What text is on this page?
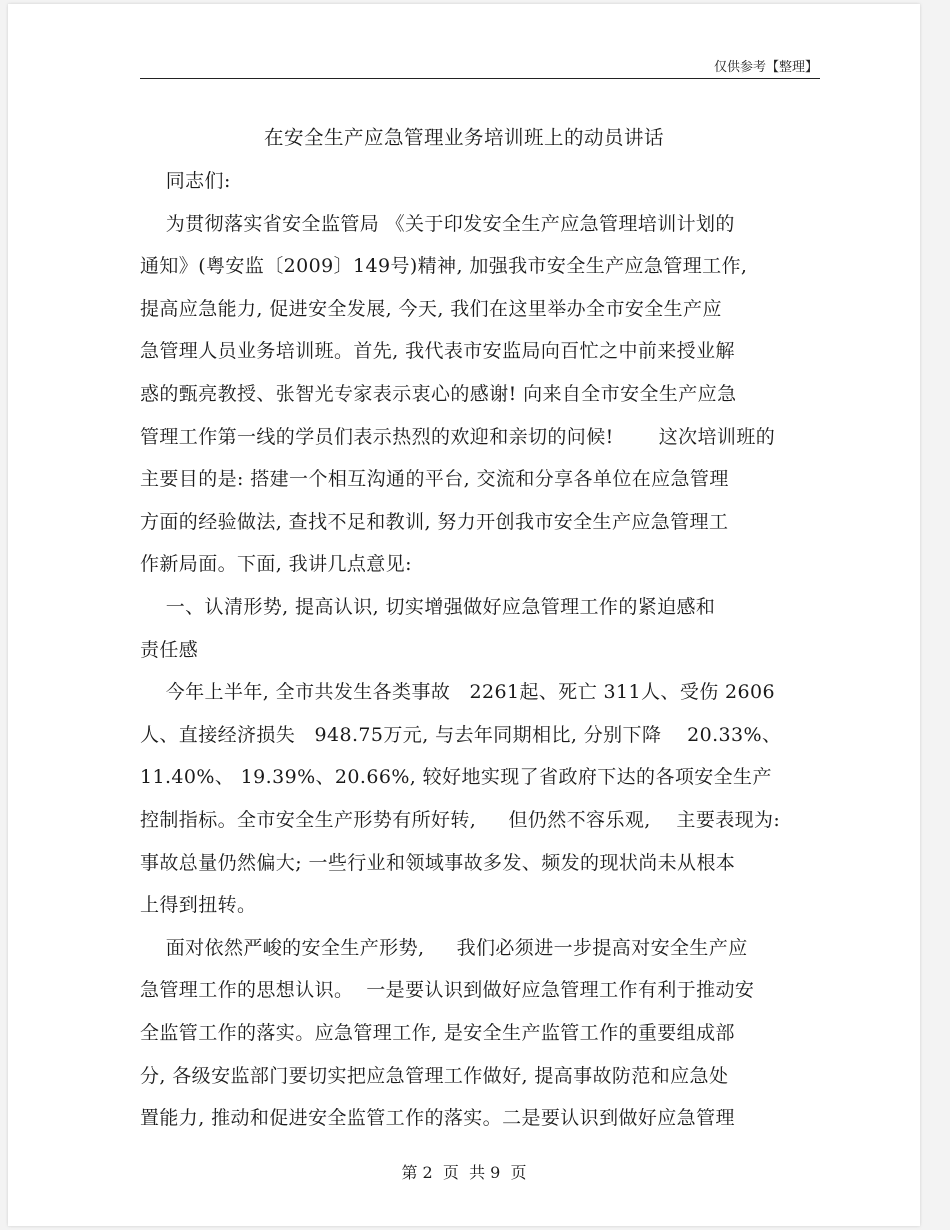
仅供参考【整理】
在安全生产应急管理业务培训班上的动员讲话
同志们:
为贯彻落实省安全监管局 《关于印发安全生产应急管理培训计划的
通知》(粤安监〔2009〕149号)精神, 加强我市安全生产应急管理工作,
提高应急能力, 促进安全发展, 今天, 我们在这里举办全市安全生产应
急管理人员业务培训班。首先, 我代表市安监局向百忙之中前来授业解
惑的甄亮教授、张智光专家表示衷心的感谢! 向来自全市安全生产应急
管理工作第一线的学员们表示热烈的欢迎和亲切的问候!       这次培训班的
主要目的是: 搭建一个相互沟通的平台, 交流和分享各单位在应急管理
方面的经验做法, 查找不足和教训, 努力开创我市安全生产应急管理工
作新局面。下面, 我讲几点意见:
一、认清形势, 提高认识, 切实增强做好应急管理工作的紧迫感和
责任感
今年上半年, 全市共发生各类事故   2261起、死亡 311人、受伤 2606
人、直接经济损失   948.75万元, 与去年同期相比, 分别下降    20.33%、
11.40%、 19.39%、20.66%, 较好地实现了省政府下达的各项安全生产
控制指标。全市安全生产形势有所好转,     但仍然不容乐观,    主要表现为:
事故总量仍然偏大; 一些行业和领域事故多发、频发的现状尚未从根本
上得到扭转。
面对依然严峻的安全生产形势,     我们必须进一步提高对安全生产应
急管理工作的思想认识。  一是要认识到做好应急管理工作有利于推动安
全监管工作的落实。应急管理工作, 是安全生产监管工作的重要组成部
分, 各级安监部门要切实把应急管理工作做好, 提高事故防范和应急处
置能力, 推动和促进安全监管工作的落实。二是要认识到做好应急管理
第 2  页  共 9  页
